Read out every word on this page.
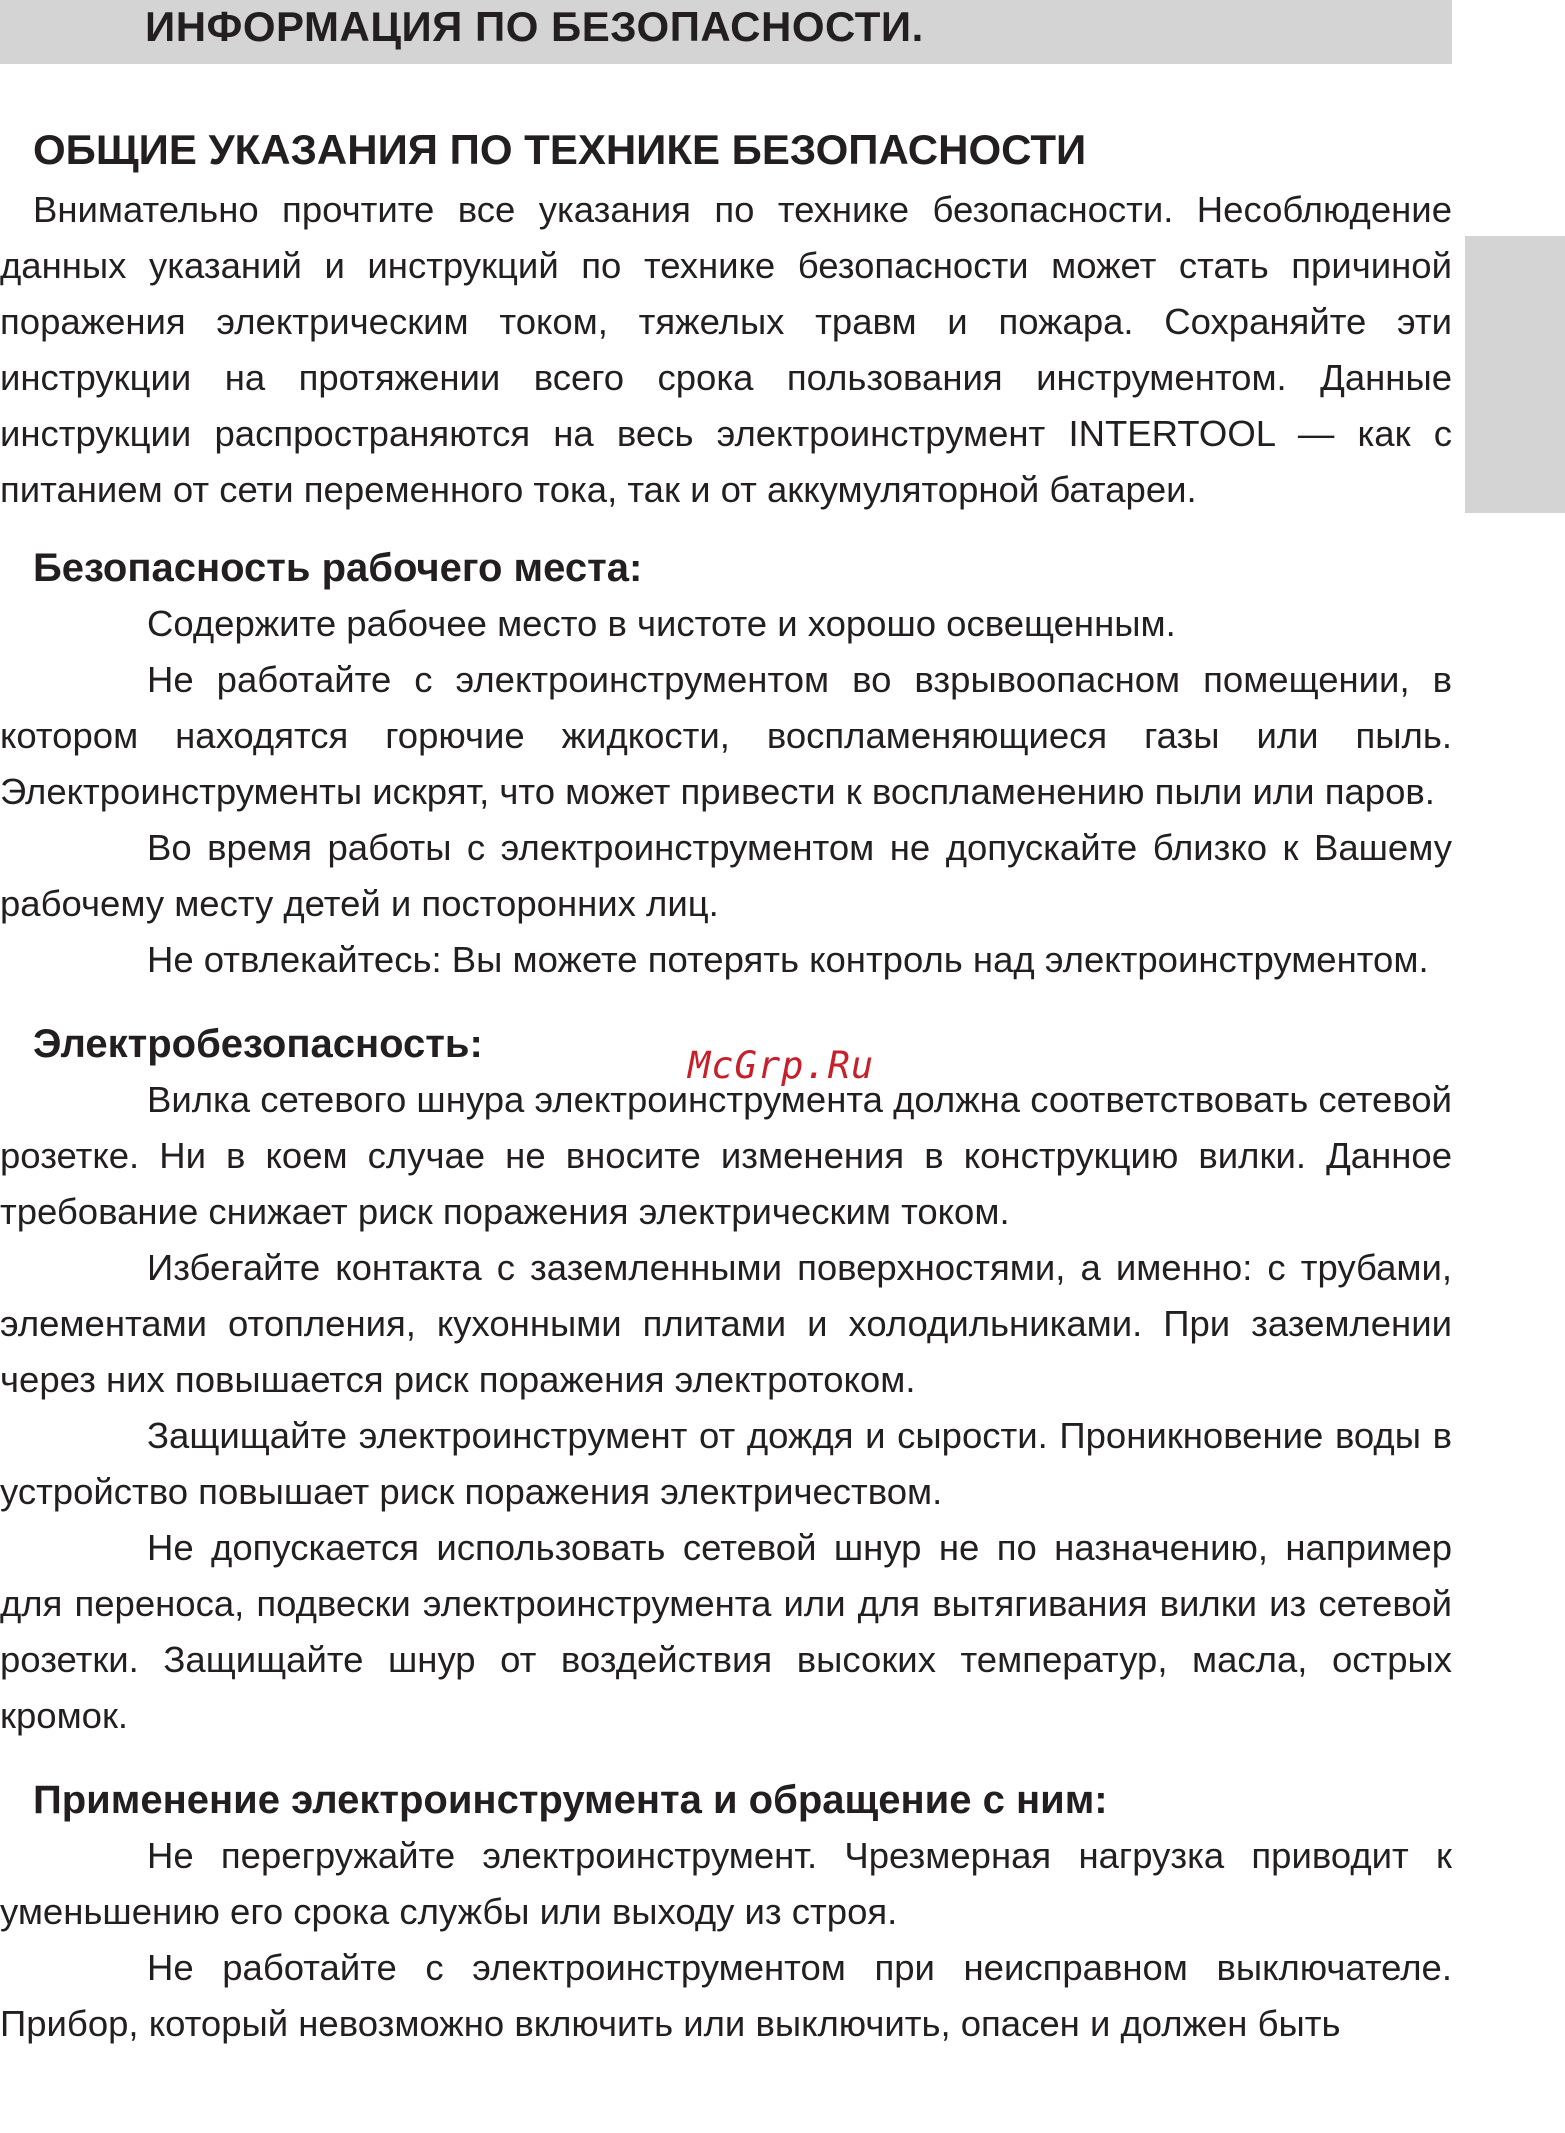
ИНФОРМАЦИЯ ПО БЕЗОПАСНОСТИ.
ОБЩИЕ УКАЗАНИЯ ПО ТЕХНИКЕ БЕЗОПАСНОСТИ

Внимательно прочтите все указания по технике безопасности. Несоблюдение данных указаний и инструкций по технике безопасности может стать причиной поражения электрическим током, тяжелых травм и пожара. Сохраняйте эти инструкции на протяжении всего срока пользования инструментом. Данные инструкции распространяются на весь электроинструмент INTERTOOL — как с питанием от сети переменного тока, так и от аккумуляторной батареи.

Безопасность рабочего места:

Содержите рабочее место в чистоте и хорошо освещенным.

Не работайте с электроинструментом во взрывоопасном помещении, в котором находятся горючие жидкости, воспламеняющиеся газы или пыль. Электроинструменты искрят, что может привести к воспламенению пыли или паров.

Во время работы с электроинструментом не допускайте близко к Вашему рабочему месту детей и посторонних лиц.

Не отвлекайтесь: Вы можете потерять контроль над электроинструментом.

Электробезопасность:

Вилка сетевого шнура электроинструмента должна соответствовать сетевой розетке. Ни в коем случае не вносите изменения в конструкцию вилки. Данное требование снижает риск поражения электрическим током.

Избегайте контакта с заземленными поверхностями, а именно: с трубами, элементами отопления, кухонными плитами и холодильниками. При заземлении через них повышается риск поражения электротоком.

Защищайте электроинструмент от дождя и сырости. Проникновение воды в устройство повышает риск поражения электричеством.

Не допускается использовать сетевой шнур не по назначению, например для переноса, подвески электроинструмента или для вытягивания вилки из сетевой розетки. Защищайте шнур от воздействия высоких температур, масла, острых кромок.

Применение электроинструмента и обращение с ним:

Не перегружайте электроинструмент. Чрезмерная нагрузка приводит к уменьшению его срока службы или выходу из строя.

Не работайте с электроинструментом при неисправном выключателе. Прибор, который невозможно включить или выключить, опасен и должен быть

McGrp.Ru
